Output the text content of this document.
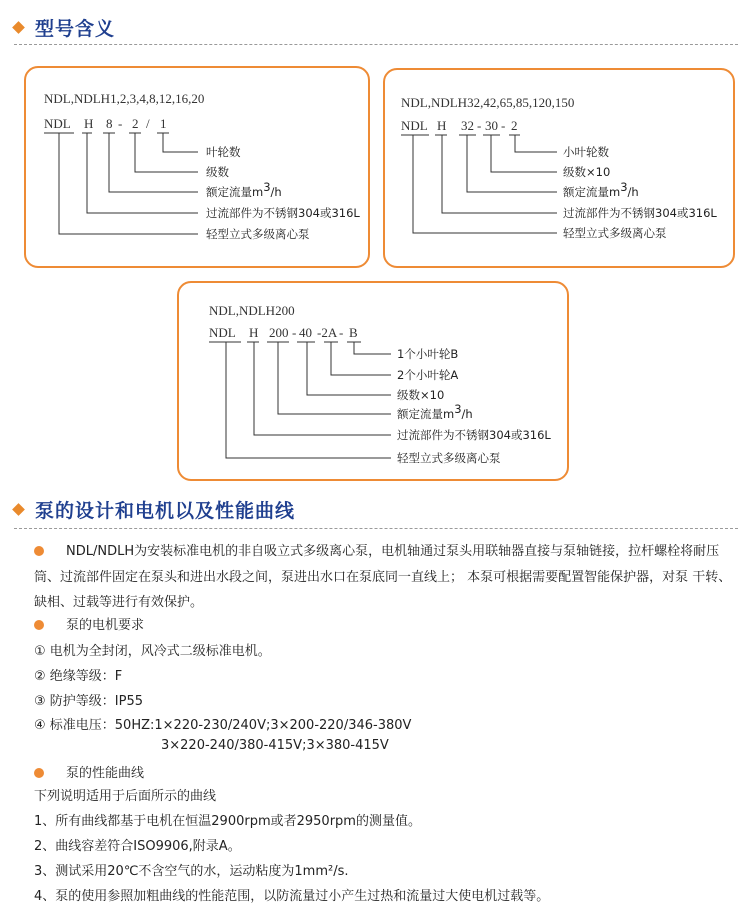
型号含义
NDL,NDLH1,2,3,4,8,12,16,20
NDL H 8 - 2 / 1
叶轮数
级数
额定流量m3/h
过流部件为不锈钢304或316L
轻型立式多级离心泵
NDL,NDLH32,42,65,85,120,150
NDL H 32 - 30 - 2
小叶轮数
级数×10
额定流量m3/h
过流部件为不锈钢304或316L
轻型立式多级离心泵
NDL,NDLH200
NDL H 200 - 40 -2A - B
1个小叶轮B
2个小叶轮A
级数×10
额定流量m3/h
过流部件为不锈钢304或316L
轻型立式多级离心泵
泵的设计和电机以及性能曲线
NDL/NDLH为安装标准电机的非自吸立式多级离心泵，电机轴通过泵头用联轴器直接与泵轴链接，拉杆螺栓将耐压筒、过流部件固定在泵头和进出水段之间，泵进出水口在泵底同一直线上； 本泵可根据需要配置智能保护器，对泵 干转、缺相、过载等进行有效保护。
泵的电机要求
① 电机为全封闭，风冷式二级标准电机。
② 绝缘等级：F
③ 防护等级：IP55
④ 标准电压：50HZ:1×220-230/240V;3×200-220/346-380V
3×220-240/380-415V;3×380-415V
泵的性能曲线
下列说明适用于后面所示的曲线
1、所有曲线都基于电机在恒温2900rpm或者2950rpm的测量值。
2、曲线容差符合ISO9906,附录A。
3、测试采用20℃不含空气的水，运动粘度为1mm²/s.
4、泵的使用参照加粗曲线的性能范围，以防流量过小产生过热和流量过大使电机过载等。
